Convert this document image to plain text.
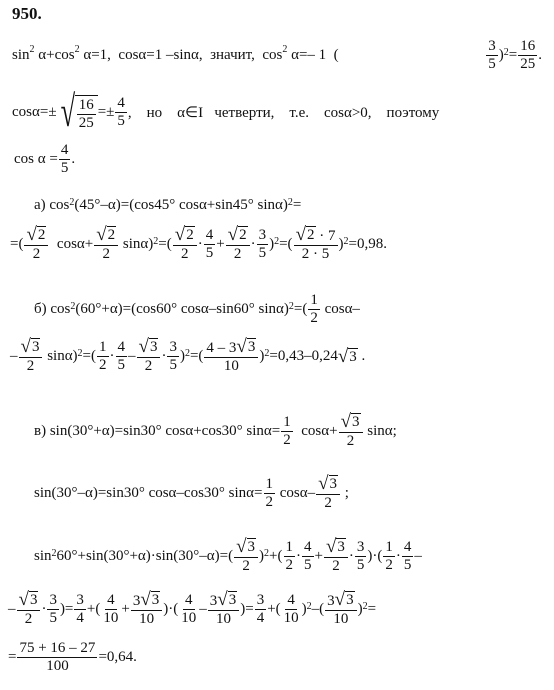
950.
$\sin^2 \alpha+\cos^2$ α=1,  cosα=1 –sinα,  значит,  $\cos^2 \alpha=-$ 1  (
3
5
)$^2 = \frac{16}{25}$ .
cosα=± √ $\frac{16}{25} =\pm \frac{4}{5}$ ,    но    α∈I   четверти,    т.е.    cosα>0,    поэтому
$\cos \alpha = \frac{4}{5}$ .
а) $\cos^2 (45^\circ-\alpha)=(\cos 45^\circ$ cosα+sin45° sinα)$^2$ =
=( √ 2
2
$\cos\alpha+ \frac{√ 2}{2} \sin\alpha)^2$ =( √ 2
2
·
4
5
+ $\frac{√ 2}{2}$ ·
3
5
)$^2$ =( √ 2 · 7
2 · 5
)$^2$ =0,98.
б) $\cos^2 (60^\circ+\alpha)=(\cos 60^\circ$ cosα–sin60° sinα)$^2$ =(
1
2
cosα–
– √ 3
2
sinα)$^2$ =(
1
2
·
4
5
– √ 3
2
·
3
5
)$^2$ =( 4 – 3 √ 3
10
)$^2$ =0,43–0,24 √ 3 .
в) sin(30°+α)=sin30° cosα+cos30° $\sin\alpha= \frac{1}{2} \cos\alpha+ \frac{√ 3}{2} \sin\alpha$;
sin(30°–α)=sin30° cosα–cos30° $\sin\alpha= \frac{1}{2} \cos\alpha-$ √ 3
2
;
$\sin^2 60^\circ+\sin(30^\circ+\alpha)\cdot\sin(30^\circ-\alpha)=$( √ 3
2
)$^2$ +(
1
2
·
4
5
+ $\frac{√ 3}{2}$ ·
3
5
)·(
1
2
·
4
5
–
– √ 3
2
·
3
5
)= $\frac{3}{4}$ +(
4
10
+ $\frac{3 √ 3}{10}$ )·(
4
10
– 3 √ 3
10
)= $\frac{3}{4}$ +(
4
10
)$^2$ –( 3 √ 3
10
)$^2$ =
= $\frac{75 + 16 - 27}{100} =0,64$.
